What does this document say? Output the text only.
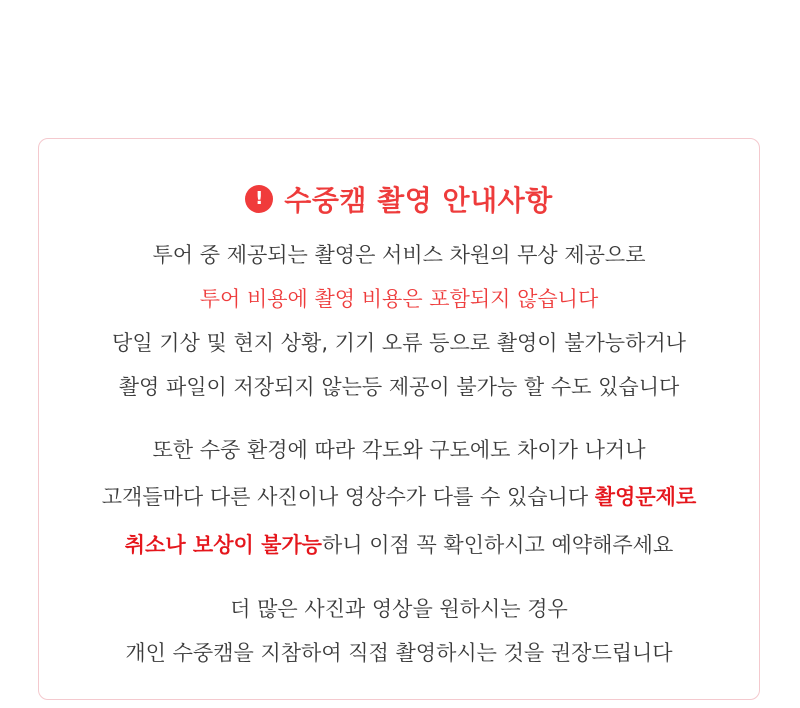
! 수중캠 촬영 안내사항
투어 중 제공되는 촬영은 서비스 차원의 무상 제공으로
투어 비용에 촬영 비용은 포함되지 않습니다
당일 기상 및 현지 상황, 기기 오류 등으로 촬영이 불가능하거나
촬영 파일이 저장되지 않는등 제공이 불가능 할 수도 있습니다
또한 수중 환경에 따라 각도와 구도에도 차이가 나거나
고객들마다 다른 사진이나 영상수가 다를 수 있습니다 촬영문제로
취소나 보상이 불가능하니 이점 꼭 확인하시고 예약해주세요
더 많은 사진과 영상을 원하시는 경우
개인 수중캠을 지참하여 직접 촬영하시는 것을 권장드립니다
